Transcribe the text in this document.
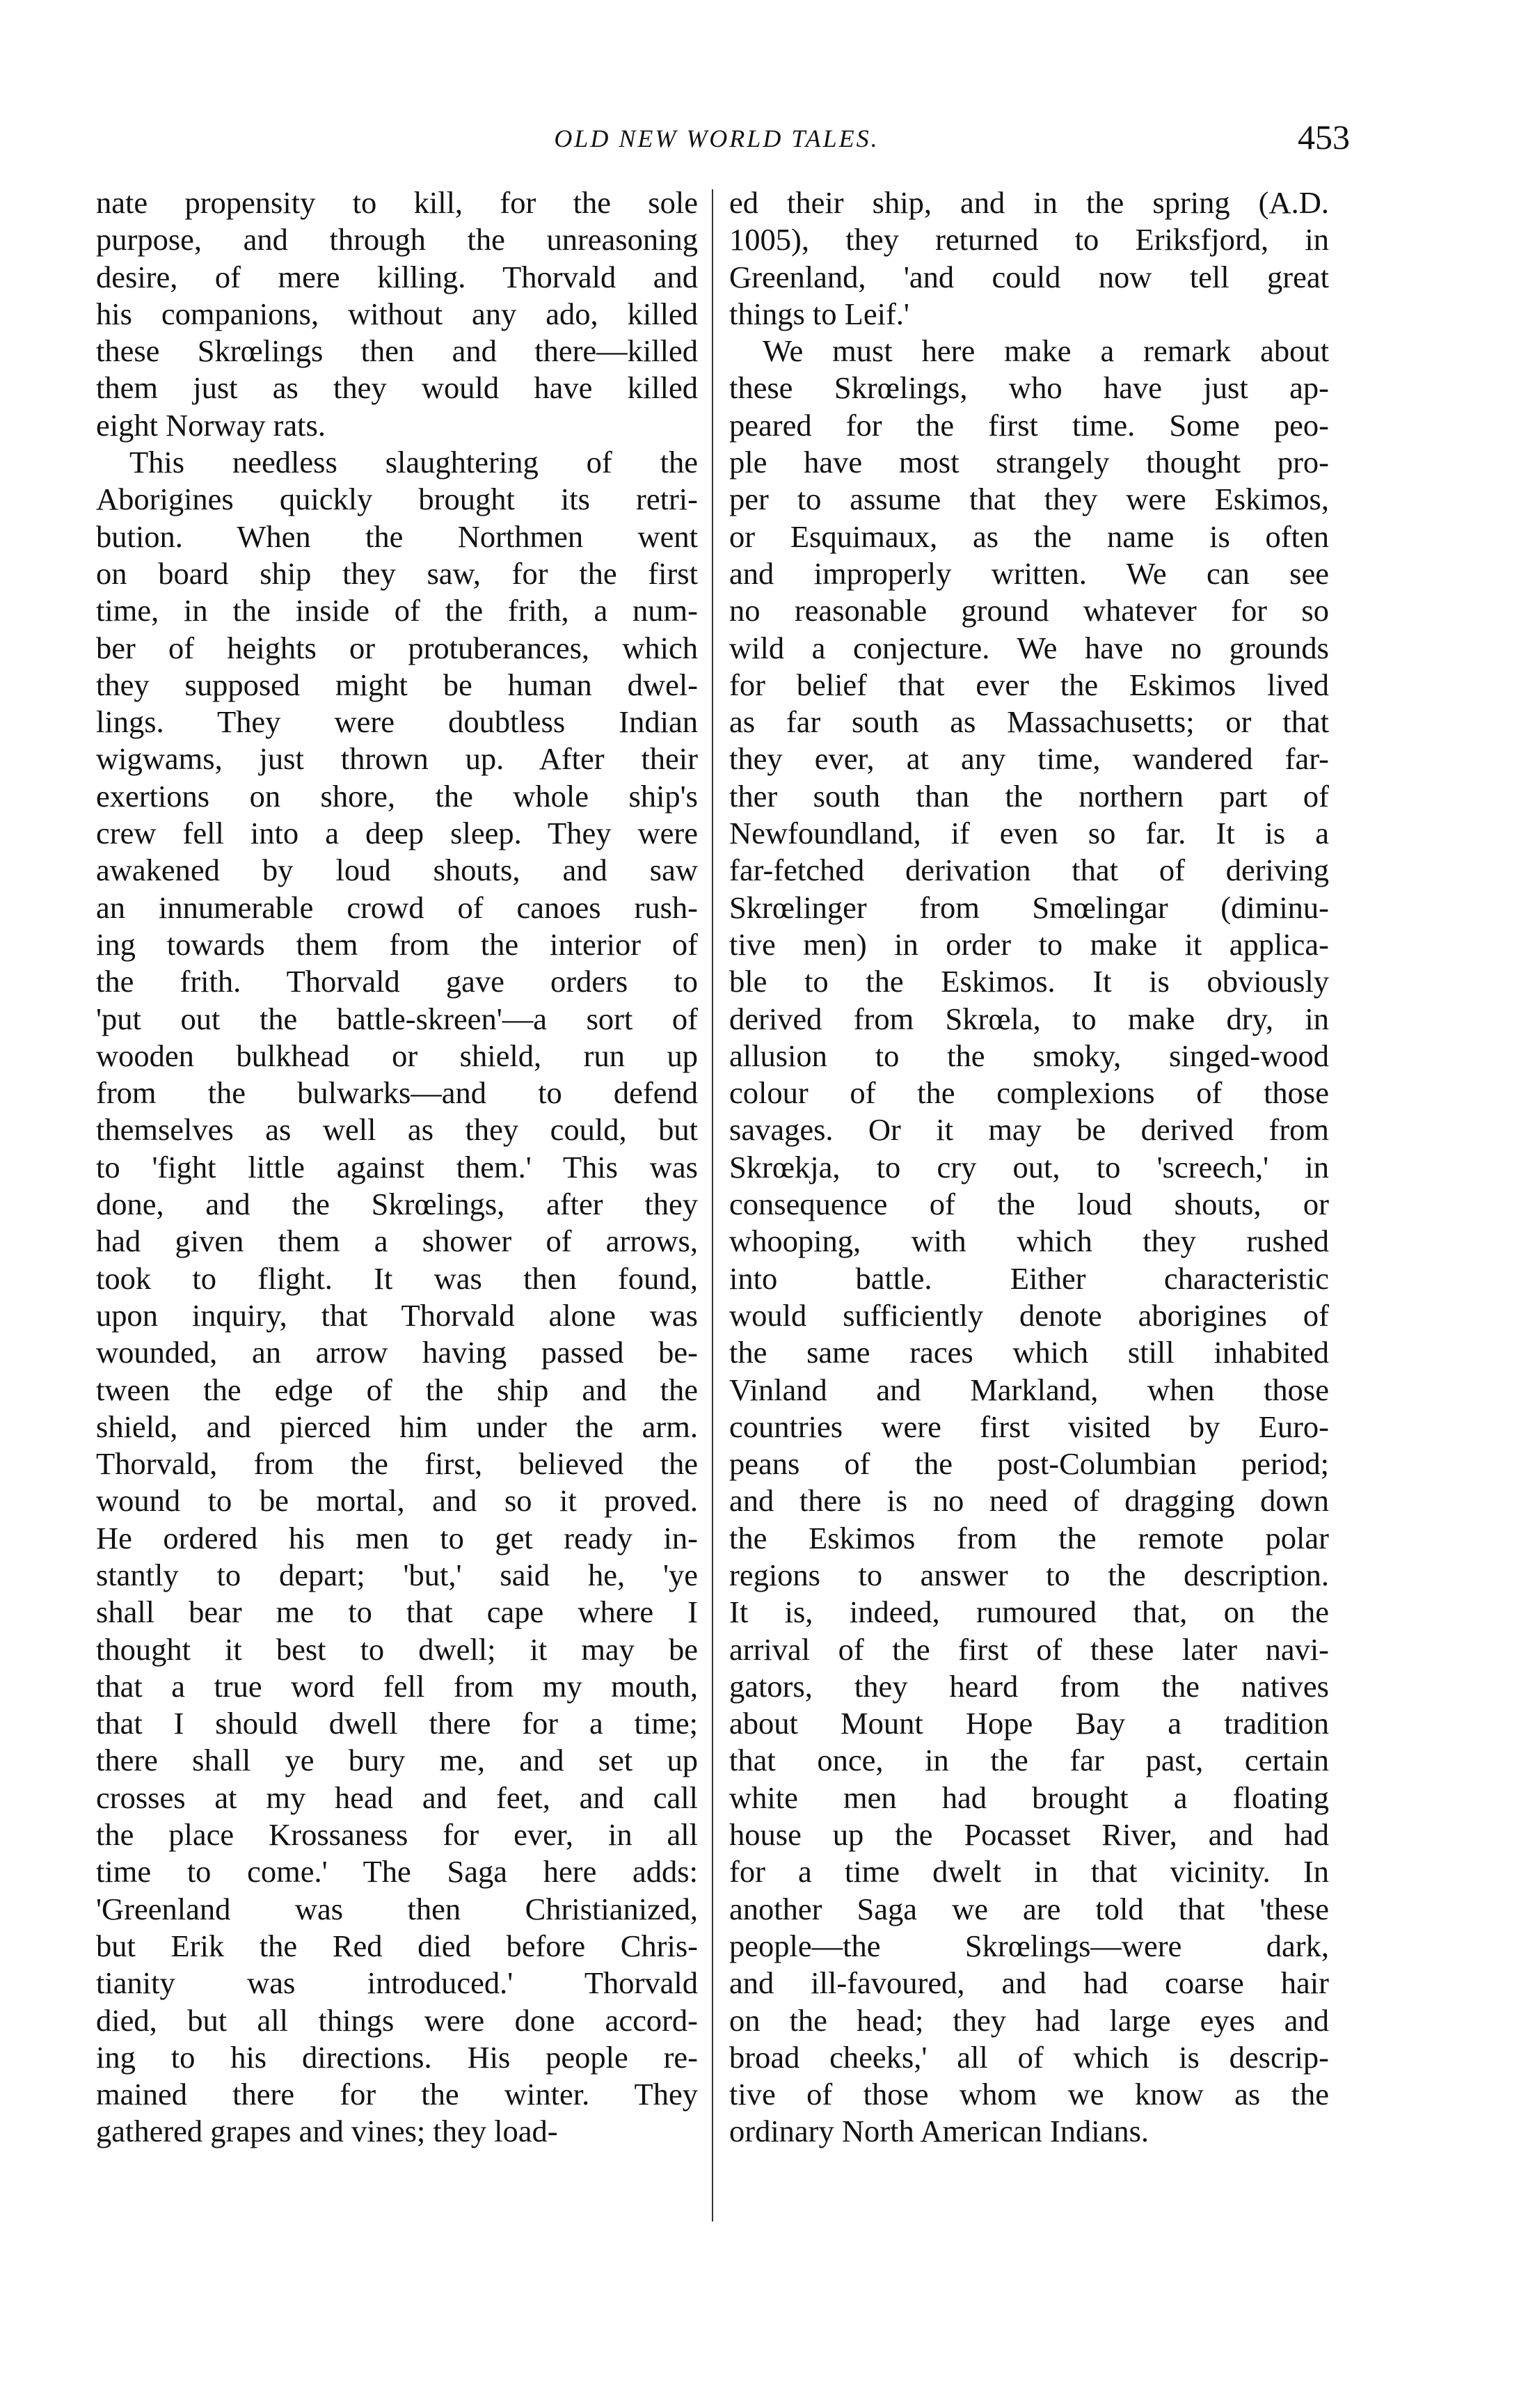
OLD NEW WORLD TALES.	453
nate propensity to kill, for the sole
purpose, and through the unreasoning
desire, of mere killing. Thorvald and
his companions, without any ado, killed
these Skrœlings then and there—killed
them just as they would have killed
eight Norway rats.
This needless slaughtering of the
Aborigines quickly brought its retri-
bution. When the Northmen went
on board ship they saw, for the first
time, in the inside of the frith, a num-
ber of heights or protuberances, which
they supposed might be human dwel-
lings. They were doubtless Indian
wigwams, just thrown up. After their
exertions on shore, the whole ship's
crew fell into a deep sleep. They were
awakened by loud shouts, and saw
an innumerable crowd of canoes rush-
ing towards them from the interior of
the frith. Thorvald gave orders to
'put out the battle-skreen'—a sort of
wooden bulkhead or shield, run up
from the bulwarks—and to defend
themselves as well as they could, but
to 'fight little against them.' This was
done, and the Skrœlings, after they
had given them a shower of arrows,
took to flight. It was then found,
upon inquiry, that Thorvald alone was
wounded, an arrow having passed be-
tween the edge of the ship and the
shield, and pierced him under the arm.
Thorvald, from the first, believed the
wound to be mortal, and so it proved.
He ordered his men to get ready in-
stantly to depart; 'but,' said he, 'ye
shall bear me to that cape where I
thought it best to dwell; it may be
that a true word fell from my mouth,
that I should dwell there for a time;
there shall ye bury me, and set up
crosses at my head and feet, and call
the place Krossaness for ever, in all
time to come.' The Saga here adds:
'Greenland was then Christianized,
but Erik the Red died before Chris-
tianity was introduced.' Thorvald
died, but all things were done accord-
ing to his directions. His people re-
mained there for the winter. They
gathered grapes and vines; they load-
ed their ship, and in the spring (A.D.
1005), they returned to Eriksfjord, in
Greenland, 'and could now tell great
things to Leif.'
We must here make a remark about
these Skrœlings, who have just ap-
peared for the first time. Some peo-
ple have most strangely thought pro-
per to assume that they were Eskimos,
or Esquimaux, as the name is often
and improperly written. We can see
no reasonable ground whatever for so
wild a conjecture. We have no grounds
for belief that ever the Eskimos lived
as far south as Massachusetts; or that
they ever, at any time, wandered far-
ther south than the northern part of
Newfoundland, if even so far. It is a
far-fetched derivation that of deriving
Skrœlinger from Smœlingar (diminu-
tive men) in order to make it applica-
ble to the Eskimos. It is obviously
derived from Skrœla, to make dry, in
allusion to the smoky, singed-wood
colour of the complexions of those
savages. Or it may be derived from
Skrœkja, to cry out, to 'screech,' in
consequence of the loud shouts, or
whooping, with which they rushed
into battle. Either characteristic
would sufficiently denote aborigines of
the same races which still inhabited
Vinland and Markland, when those
countries were first visited by Euro-
peans of the post-Columbian period;
and there is no need of dragging down
the Eskimos from the remote polar
regions to answer to the description.
It is, indeed, rumoured that, on the
arrival of the first of these later navi-
gators, they heard from the natives
about Mount Hope Bay a tradition
that once, in the far past, certain
white men had brought a floating
house up the Pocasset River, and had
for a time dwelt in that vicinity. In
another Saga we are told that 'these
people—the Skrœlings—were dark,
and ill-favoured, and had coarse hair
on the head; they had large eyes and
broad cheeks,' all of which is descrip-
tive of those whom we know as the
ordinary North American Indians.
